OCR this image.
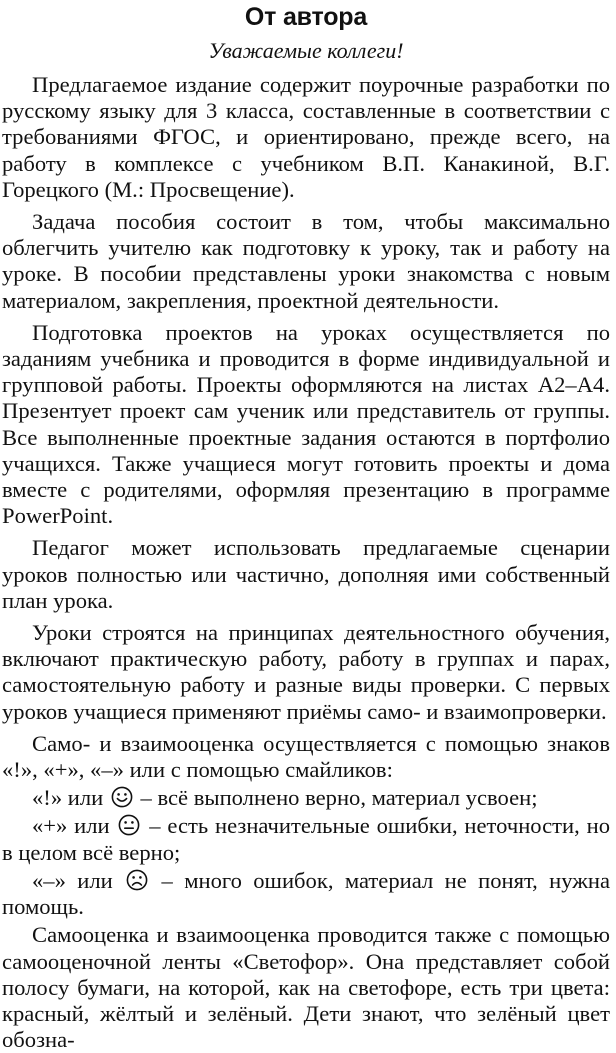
От автора
Уважаемые коллеги!

Предлагаемое издание содержит поурочные разработки по русскому языку для 3 класса, составленные в соответствии с требованиями ФГОС, и ориентировано, прежде всего, на работу в комплексе с учебником В.П. Канакиной, В.Г. Горецкого (М.: Просвещение).

Задача пособия состоит в том, чтобы максимально облегчить учителю как подготовку к уроку, так и работу на уроке. В пособии представлены уроки знакомства с новым материалом, закрепления, проектной деятельности.

Подготовка проектов на уроках осуществляется по заданиям учебника и проводится в форме индивидуальной и групповой работы. Проекты оформляются на листах А2–А4. Презентует проект сам ученик или представитель от группы. Все выполненные проектные задания остаются в портфолио учащихся. Также учащиеся могут готовить проекты и дома вместе с родителями, оформляя презентацию в программе PowerPoint.

Педагог может использовать предлагаемые сценарии уроков полностью или частично, дополняя ими собственный план урока.

Уроки строятся на принципах деятельностного обучения, включают практическую работу, работу в группах и парах, самостоятельную работу и разные виды проверки. С первых уроков учащиеся применяют приёмы само- и взаимопроверки.

Само- и взаимооценка осуществляется с помощью знаков «!», «+», «–» или с помощью смайликов:

«!» или – всё выполнено верно, материал усвоен;

«+» или – есть незначительные ошибки, неточности, но в целом всё верно;

«–» или – много ошибок, материал не понят, нужна помощь.

Самооценка и взаимооценка проводится также с помощью самооценочной ленты «Светофор». Она представляет собой полосу бумаги, на которой, как на светофоре, есть три цвета: красный, жёлтый и зелёный. Дети знают, что зелёный цвет обозна-
